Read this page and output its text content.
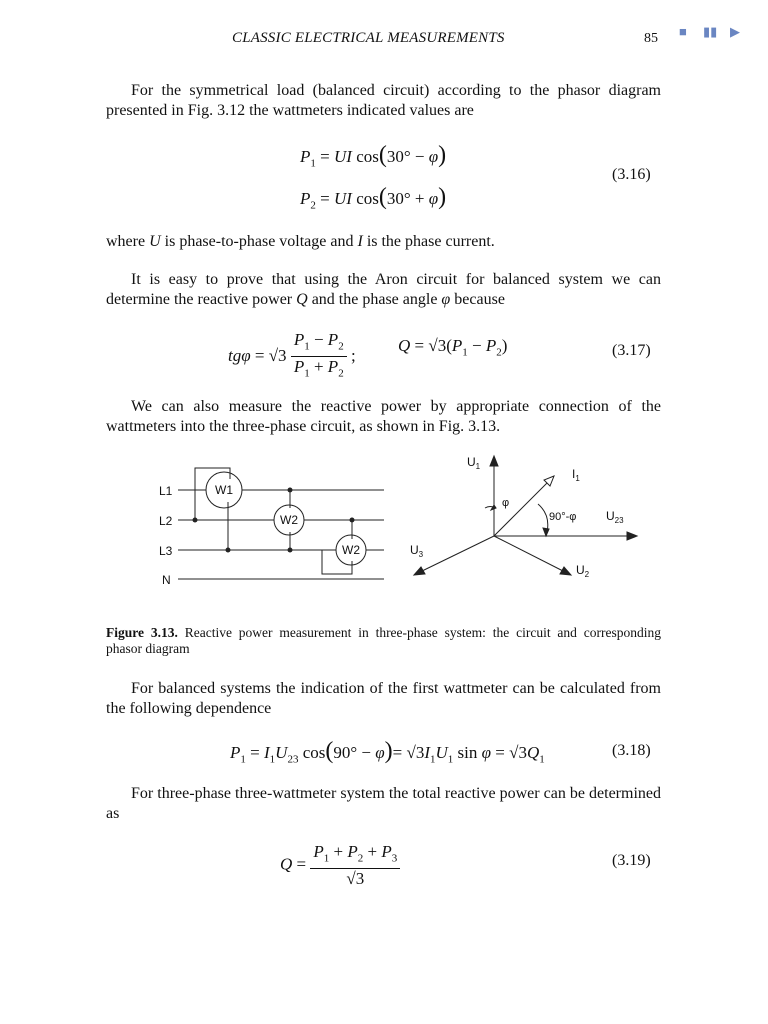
CLASSIC ELECTRICAL MEASUREMENTS	85 ■ ▮▮ ▶
For the symmetrical load (balanced circuit) according to the phasor diagram presented in Fig. 3.12 the wattmeters indicated values are
$P_1$ = UI cos(30° − φ)
$P_2$ = UI cos(30° + φ)
(3.16)
where U is phase-to-phase voltage and I is the phase current.
It is easy to prove that using the Aron circuit for balanced system we can determine the reactive power Q and the phase angle φ because
$tg\varphi = √3 \frac{P_1 - P_2}{P_1 + P_2}$ ;
$Q = √3(P_1 - P_2)$	(3.17)
We can also measure the reactive power by appropriate connection of the wattmeters into the three-phase circuit, as shown in Fig. 3.13.
L1
L2
L3
N
W1
W2
W2
$U_1$
$I_1$
φ
90°-φ $U_{23}$
$U_3$
$U_2$
Figure 3.13. Reactive power measurement in three-phase system: the circuit and corresponding phasor diagram
For balanced systems the indication of the first wattmeter can be calculated from the following dependence
$P_1 = I_1U_{23}$ $\cos(90^\circ - \varphi)= √3I_1U_1$ $\sin \varphi = √3Q_1$
(3.18)
For three-phase three-wattmeter system the total reactive power can be determined as
$Q = \frac{P_1 + P_2 + P_3}{√3}$	(3.19)
